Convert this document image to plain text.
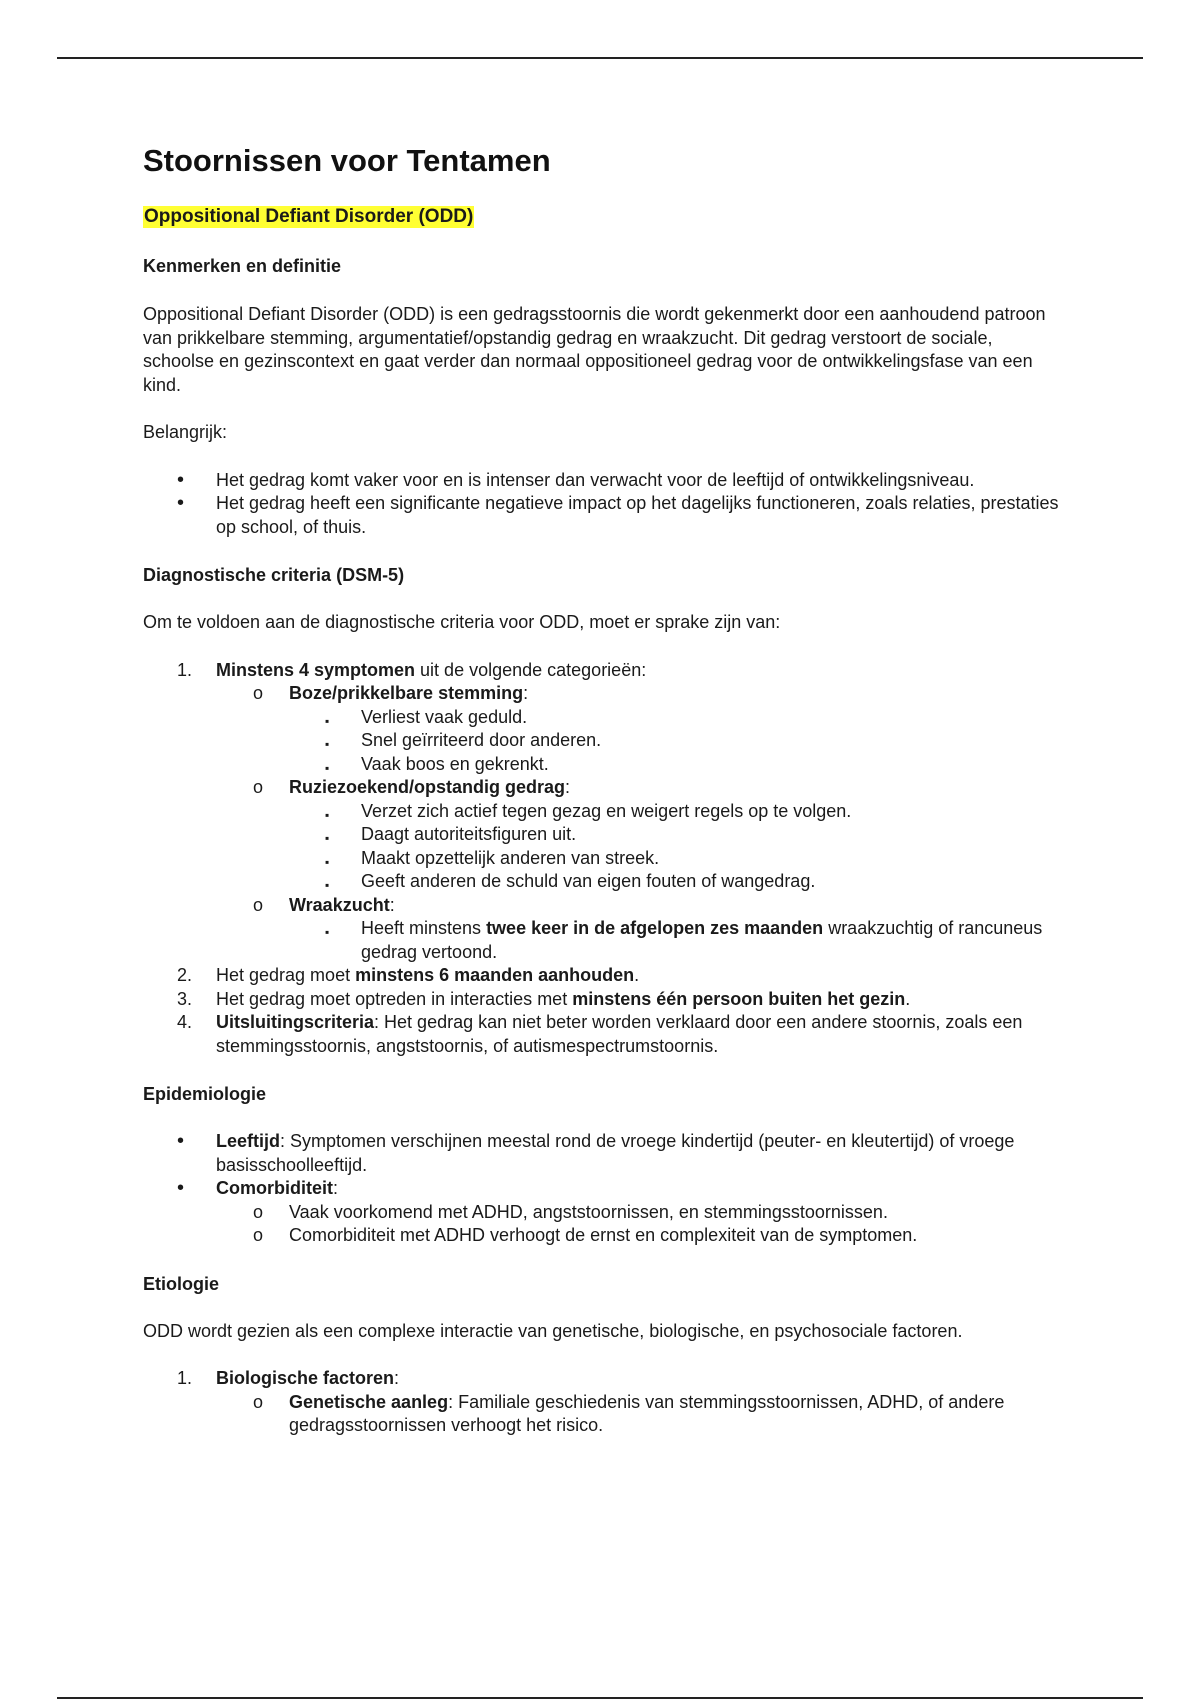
Stoornissen voor Tentamen
Oppositional Defiant Disorder (ODD)
Kenmerken en definitie

Oppositional Defiant Disorder (ODD) is een gedragsstoornis die wordt gekenmerkt door een aanhoudend patroon van prikkelbare stemming, argumentatief/opstandig gedrag en wraakzucht. Dit gedrag verstoort de sociale, schoolse en gezinscontext en gaat verder dan normaal oppositioneel gedrag voor de ontwikkelingsfase van een kind.

Belangrijk:

• Het gedrag komt vaker voor en is intenser dan verwacht voor de leeftijd of ontwikkelingsniveau.
• Het gedrag heeft een significante negatieve impact op het dagelijks functioneren, zoals relaties, prestaties op school, of thuis.
Diagnostische criteria (DSM-5)

Om te voldoen aan de diagnostische criteria voor ODD, moet er sprake zijn van:

1. Minstens 4 symptomen uit de volgende categorieën:
o Boze/prikkelbare stemming:
▪ Verliest vaak geduld.
▪ Snel geïrriteerd door anderen.
▪ Vaak boos en gekrenkt.
o Ruziezoekend/opstandig gedrag:
▪ Verzet zich actief tegen gezag en weigert regels op te volgen.
▪ Daagt autoriteitsfiguren uit.
▪ Maakt opzettelijk anderen van streek.
▪ Geeft anderen de schuld van eigen fouten of wangedrag.
o Wraakzucht:
▪ Heeft minstens twee keer in de afgelopen zes maanden wraakzuchtig of rancuneus gedrag vertoond.
2. Het gedrag moet minstens 6 maanden aanhouden.
3. Het gedrag moet optreden in interacties met minstens één persoon buiten het gezin.
4. Uitsluitingscriteria: Het gedrag kan niet beter worden verklaard door een andere stoornis, zoals een stemmingsstoornis, angststoornis, of autismespectrumstoornis.
Epidemiologie
• Leeftijd: Symptomen verschijnen meestal rond de vroege kindertijd (peuter- en kleutertijd) of vroege basisschoolleeftijd.
• Comorbiditeit:
o Vaak voorkomend met ADHD, angststoornissen, en stemmingsstoornissen.
o Comorbiditeit met ADHD verhoogt de ernst en complexiteit van de symptomen.
Etiologie

ODD wordt gezien als een complexe interactie van genetische, biologische, en psychosociale factoren.

1. Biologische factoren:
o Genetische aanleg: Familiale geschiedenis van stemmingsstoornissen, ADHD, of andere gedragsstoornissen verhoogt het risico.
